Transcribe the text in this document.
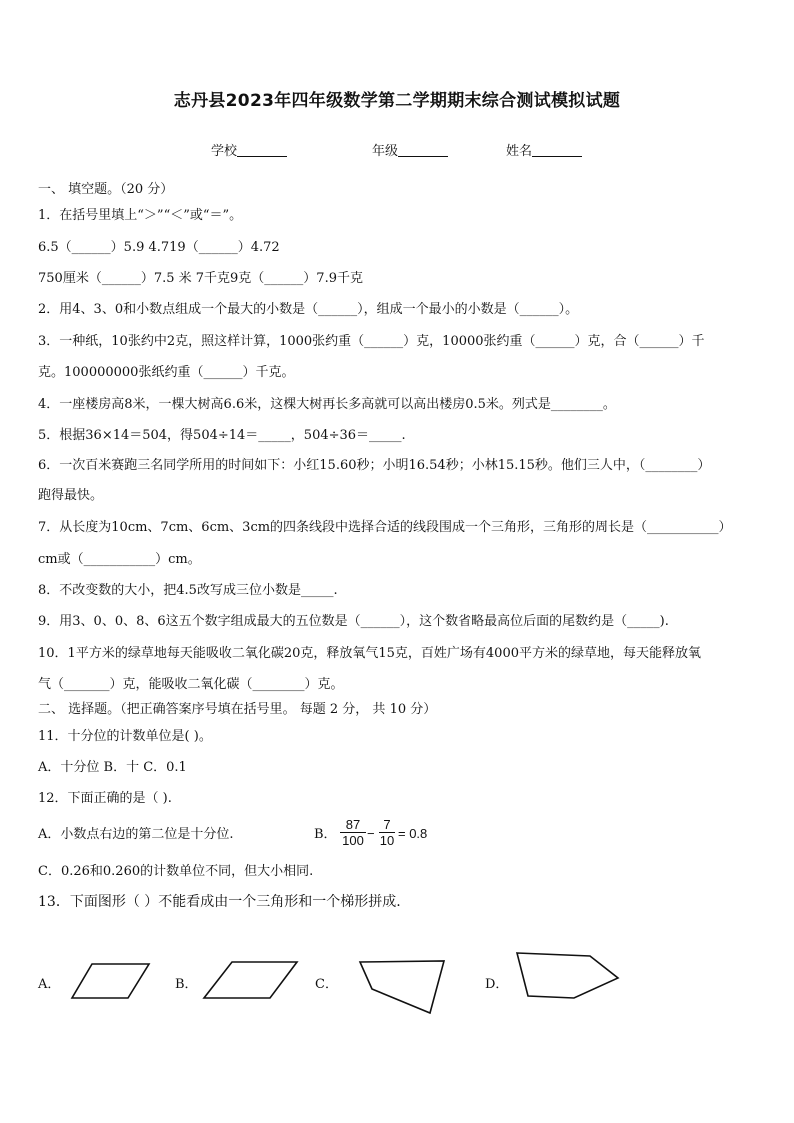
志丹县2023年四年级数学第二学期期末综合测试模拟试题
学校	年级	姓名
一、 填空题。（20 分）
1．在括号里填上“＞”“＜”或“＝”。
6.5（______）5.9 4.719（______）4.72
750厘米（______）7.5 米 7千克9克（______）7.9千克
2．用4、3、0和小数点组成一个最大的小数是（______），组成一个最小的小数是（______）。
3．一种纸，10张约中2克，照这样计算，1000张约重（______）克，10000张约重（______）克，合（______）千
克。100000000张纸约重（______）千克。
4．一座楼房高8米，一棵大树高6.6米，这棵大树再长多高就可以高出楼房0.5米。列式是________。
5．根据36×14＝504，得504÷14＝_____，504÷36＝_____.
6．一次百米赛跑三名同学所用的时间如下：小红15.60秒；小明16.54秒；小林15.15秒。他们三人中，（________）
跑得最快。
7．从长度为10cm、7cm、6cm、3cm的四条线段中选择合适的线段围成一个三角形，三角形的周长是（___________）
cm或（___________）cm。
8．不改变数的大小，把4.5改写成三位小数是_____.
9．用3、0、0、8、6这五个数字组成最大的五位数是（______），这个数省略最高位后面的尾数约是（_____).
10．1平方米的绿草地每天能吸收二氧化碳20克，释放氧气15克，百姓广场有4000平方米的绿草地，每天能释放氧
气（_______）克，能吸收二氧化碳（________）克。
二、 选择题。（把正确答案序号填在括号里。 每题 2 分， 共 10 分）
11．十分位的计数单位是( )。
A．十分位 B．十 C．0.1
12．下面正确的是（ ).
A．小数点右边的第二位是十分位.	B． $\frac{87}{100} - \frac{7}{10} = 0.8$
C．0.26和0.260的计数单位不同，但大小相同.
13．下面图形（ ）不能看成由一个三角形和一个梯形拼成.
A．	B．	C．	D．
